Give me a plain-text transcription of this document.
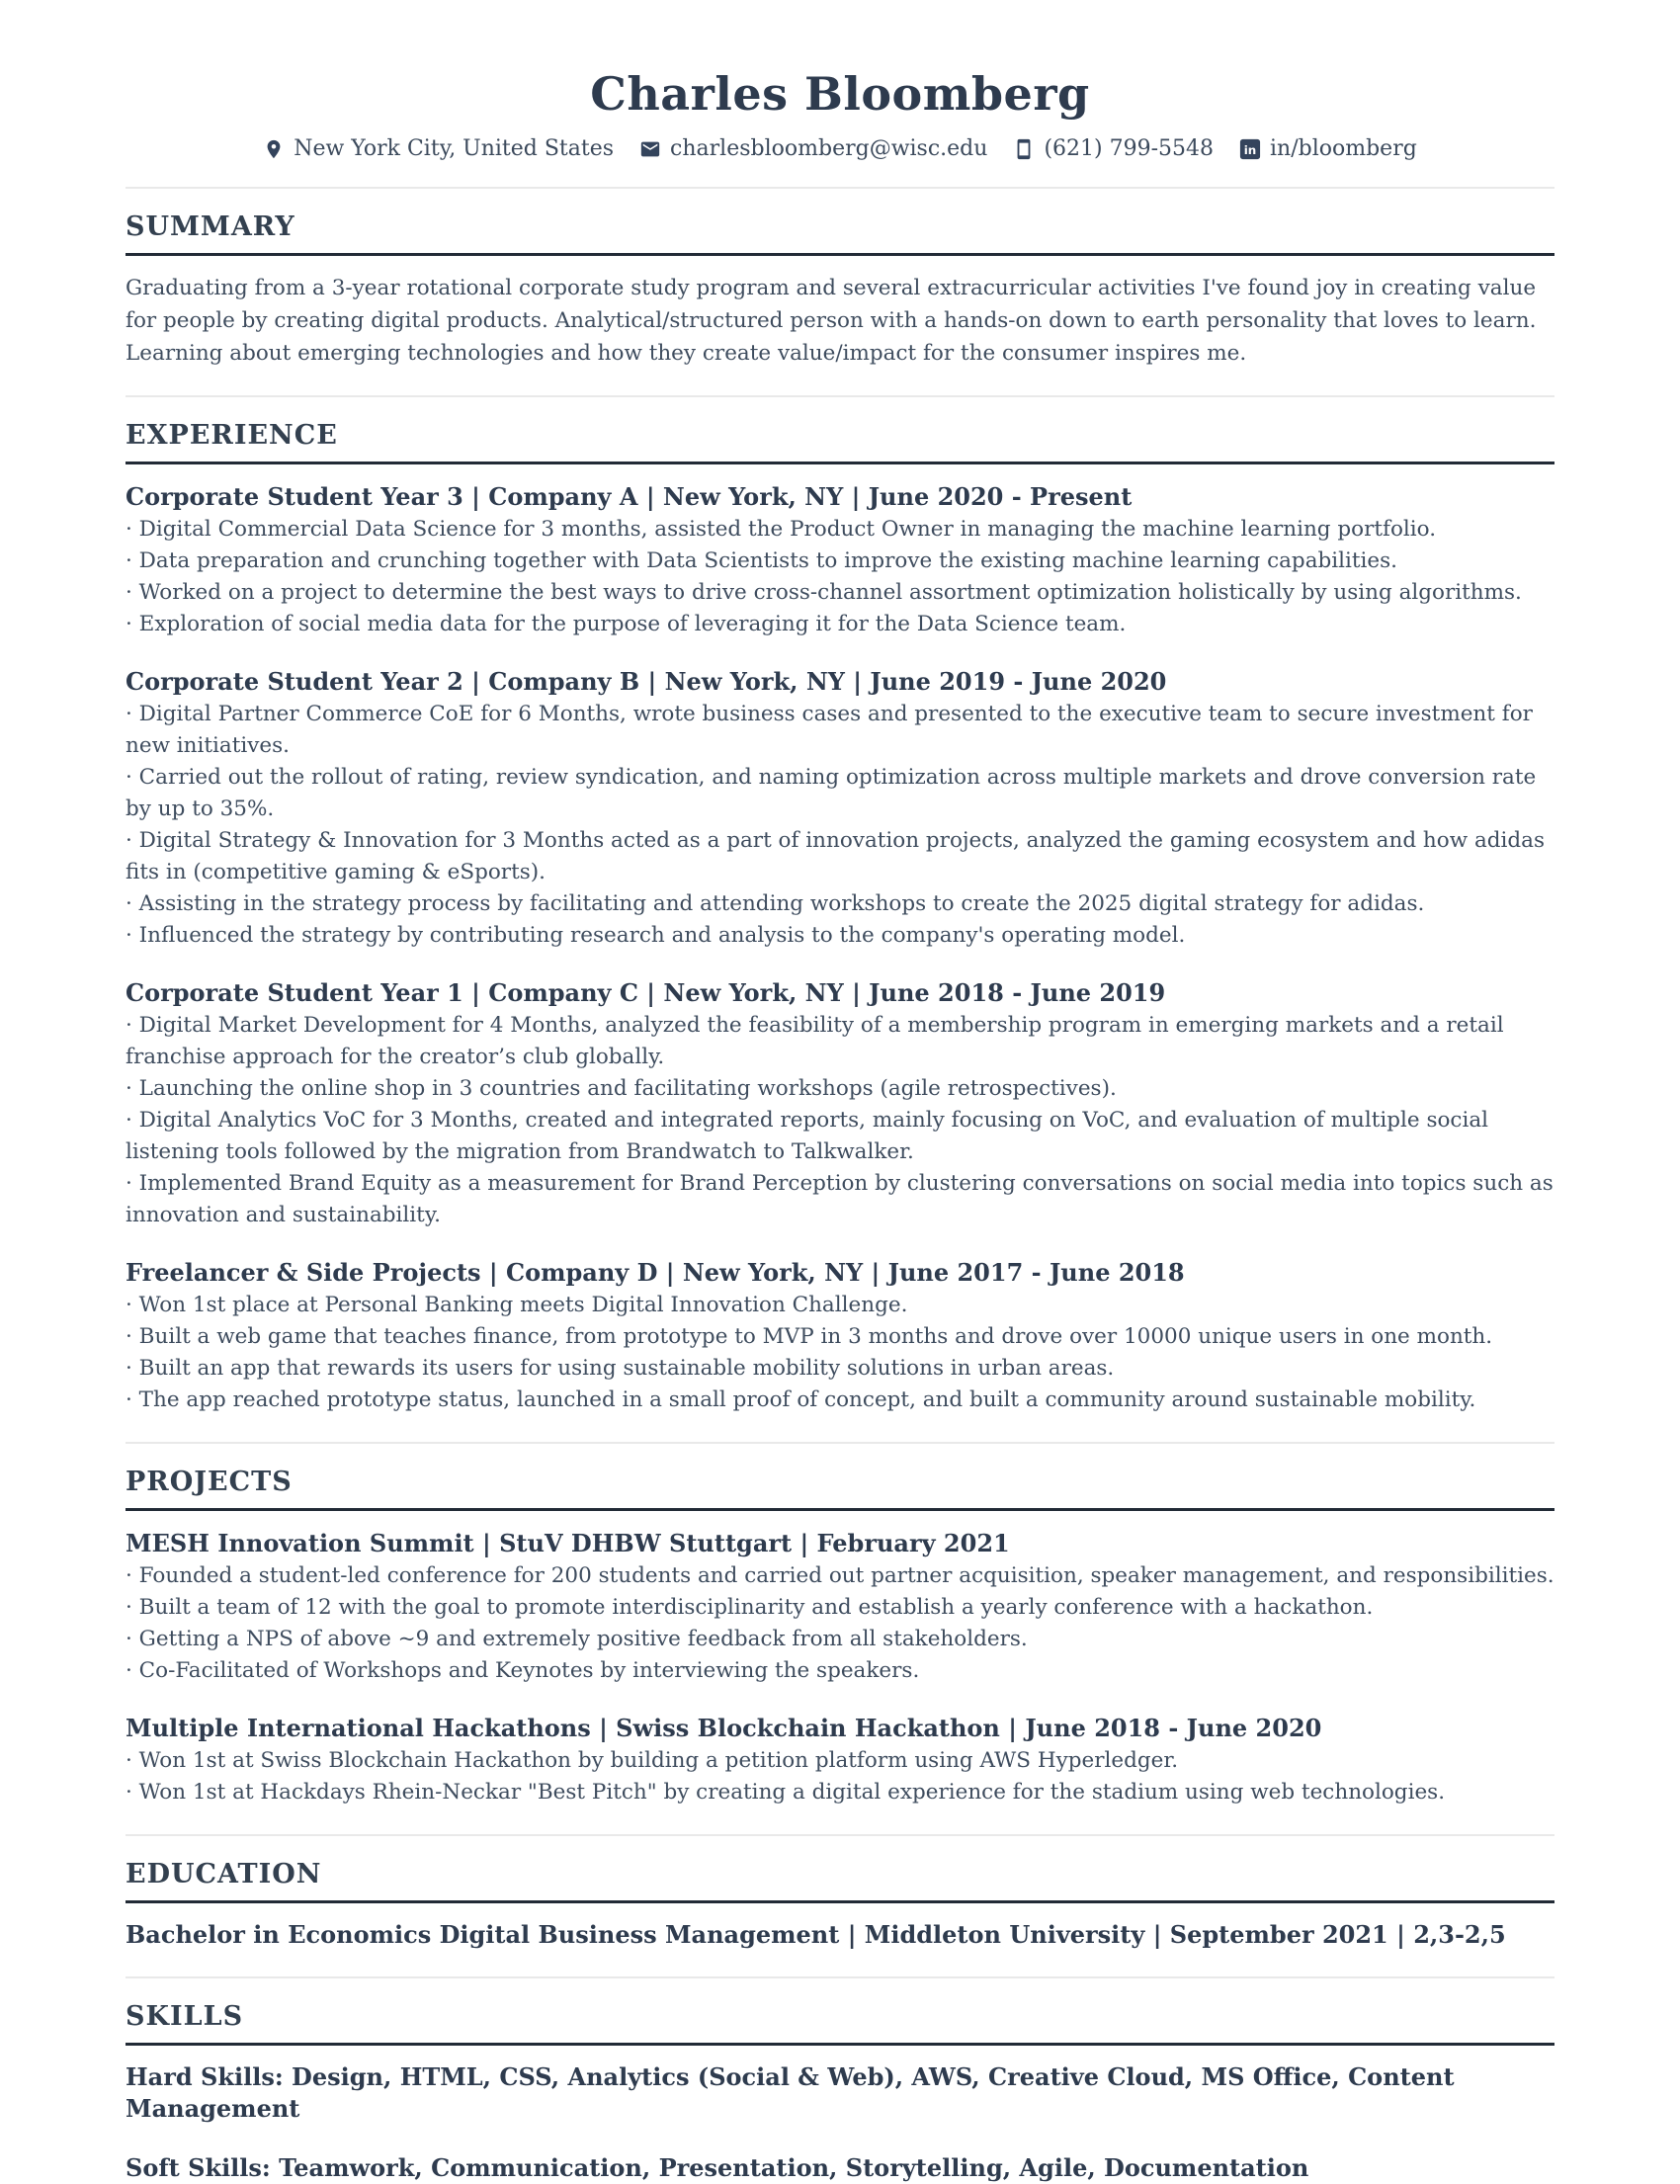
Charles Bloomberg
New York City, United States	charlesbloomberg@wisc.edu	(621) 799-5548 in in/bloomberg
SUMMARY

Graduating from a 3-year rotational corporate study program and several extracurricular activities I've found joy in creating value for people by creating digital products. Analytical/structured person with a hands-on down to earth personality that loves to learn. Learning about emerging technologies and how they create value/impact for the consumer inspires me.

EXPERIENCE
Corporate Student Year 3 | Company A | New York, NY | June 2020 - Present

· Digital Commercial Data Science for 3 months, assisted the Product Owner in managing the machine learning portfolio.

· Data preparation and crunching together with Data Scientists to improve the existing machine learning capabilities.

· Worked on a project to determine the best ways to drive cross-channel assortment optimization holistically by using algorithms.

· Exploration of social media data for the purpose of leveraging it for the Data Science team.

Corporate Student Year 2 | Company B | New York, NY | June 2019 - June 2020

· Digital Partner Commerce CoE for 6 Months, wrote business cases and presented to the executive team to secure investment for new initiatives.

· Carried out the rollout of rating, review syndication, and naming optimization across multiple markets and drove conversion rate by up to 35%.

· Digital Strategy & Innovation for 3 Months acted as a part of innovation projects, analyzed the gaming ecosystem and how adidas fits in (competitive gaming & eSports).

· Assisting in the strategy process by facilitating and attending workshops to create the 2025 digital strategy for adidas.

· Influenced the strategy by contributing research and analysis to the company's operating model.

Corporate Student Year 1 | Company C | New York, NY | June 2018 - June 2019

· Digital Market Development for 4 Months, analyzed the feasibility of a membership program in emerging markets and a retail franchise approach for the creator’s club globally.

· Launching the online shop in 3 countries and facilitating workshops (agile retrospectives).

· Digital Analytics VoC for 3 Months, created and integrated reports, mainly focusing on VoC, and evaluation of multiple social listening tools followed by the migration from Brandwatch to Talkwalker.

· Implemented Brand Equity as a measurement for Brand Perception by clustering conversations on social media into topics such as innovation and sustainability.

Freelancer & Side Projects | Company D | New York, NY | June 2017 - June 2018

· Won 1st place at Personal Banking meets Digital Innovation Challenge.

· Built a web game that teaches finance, from prototype to MVP in 3 months and drove over 10000 unique users in one month.

· Built an app that rewards its users for using sustainable mobility solutions in urban areas.

· The app reached prototype status, launched in a small proof of concept, and built a community around sustainable mobility.

PROJECTS
MESH Innovation Summit | StuV DHBW Stuttgart | February 2021

· Founded a student-led conference for 200 students and carried out partner acquisition, speaker management, and responsibilities.

· Built a team of 12 with the goal to promote interdisciplinarity and establish a yearly conference with a hackathon.

· Getting a NPS of above ~9 and extremely positive feedback from all stakeholders.

· Co-Facilitated of Workshops and Keynotes by interviewing the speakers.

Multiple International Hackathons | Swiss Blockchain Hackathon | June 2018 - June 2020

· Won 1st at Swiss Blockchain Hackathon by building a petition platform using AWS Hyperledger.

· Won 1st at Hackdays Rhein-Neckar "Best Pitch" by creating a digital experience for the stadium using web technologies.

EDUCATION

Bachelor in Economics Digital Business Management | Middleton University | September 2021 | 2,3-2,5

SKILLS

Hard Skills: Design, HTML, CSS, Analytics (Social & Web), AWS, Creative Cloud, MS Office, Content Management

Soft Skills: Teamwork, Communication, Presentation, Storytelling, Agile, Documentation
